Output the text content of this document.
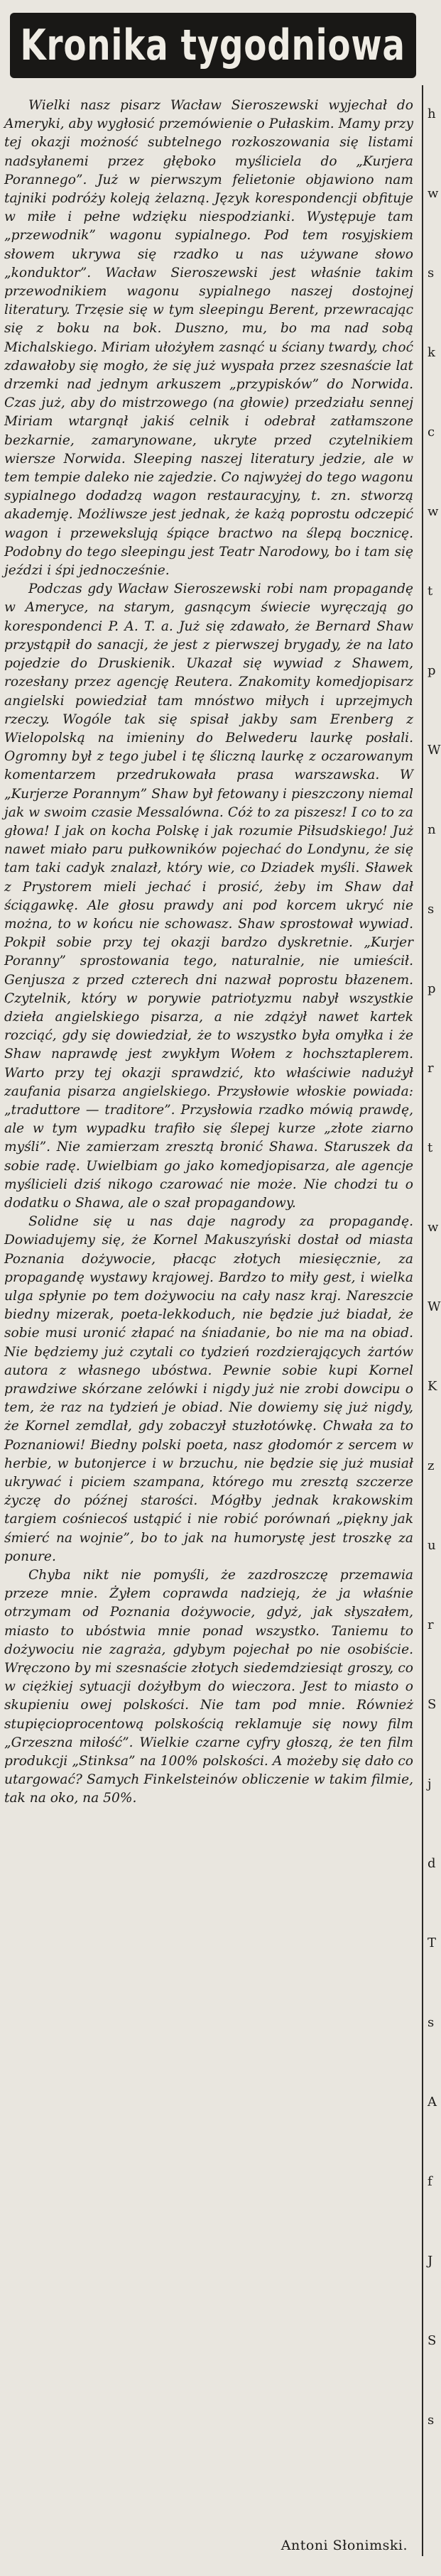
Kronika tygodniowa

Wielki nasz pisarz Wacław Sieroszewski wyjechał do Ameryki, aby wygłosić przemówienie o Pułaskim. Mamy przy tej okazji możność subtelnego rozkoszowania się listami nadsyłanemi przez głęboko myśliciela do „Kurjera Porannego”. Już w pierwszym felietonie objawiono nam tajniki podróży koleją żelazną. Język korespondencji obfituje w miłe i pełne wdzięku niespodzianki. Występuje tam „przewodnik” wagonu sypialnego. Pod tem rosyjskiem słowem ukrywa się rzadko u nas używane słowo „konduktor”. Wacław Sieroszewski jest właśnie takim przewodnikiem wagonu sypialnego naszej dostojnej literatury. Trzęsie się w tym sleepingu Berent, przewracając się z boku na bok. Duszno, mu, bo ma nad sobą Michalskiego. Miriam ułożyłem zasnąć u ściany twardy, choć zdawałoby się mogło, że się już wyspała przez szesnaście lat drzemki nad jednym arkuszem „przypisków” do Norwida. Czas już, aby do mistrzowego (na głowie) przedziału sennej Miriam wtargnął jakiś celnik i odebrał zatłamszone bezkarnie, zamarynowane, ukryte przed czytelnikiem wiersze Norwida. Sleeping naszej literatury jedzie, ale w tem tempie daleko nie zajedzie. Co najwyżej do tego wagonu sypialnego dodadzą wagon restauracyjny, t. zn. stworzą akademję. Możliwsze jest jednak, że każą poprostu odczepić wagon i przewekslują śpiące bractwo na ślepą boczniсę. Podobny do tego sleepingu jest Teatr Narodowy, bo i tam się jeździ i śpi jednocześnie.

Podczas gdy Wacław Sieroszewski robi nam propagandę w Ameryce, na starym, gasnącym świecie wyręczają go korespondenci P. A. T. a. Już się zdawało, że Bernard Shaw przystąpił do sanacji, że jest z pierwszej brygady, że na lato pojedzie do Druskienik. Ukazał się wywiad z Shawem, rozesłany przez agencję Reutera. Znakomity komedjopisarz angielski powiedział tam mnóstwo miłych i uprzejmych rzeczy. Wogóle tak się spisał jakby sam Erenberg z Wielopolską na imieniny do Belwederu laurkę posłali. Ogromny był z tego jubel i tę śliczną laurkę z oczarowanym komentarzem przedrukowała prasa warszawska. W „Kurjerze Porannym” Shaw był fetowany i pieszczony niemal jak w swoim czasie Messalówna. Cóż to za piszesz! I co to za głowa! I jak on kocha Polskę i jak rozumie Piłsudskiego! Już nawet miało paru pułkowników pojechać do Londynu, że się tam taki cadyk znalazł, który wie, co Dziadek myśli. Sławek z Prystorem mieli jechać i prosić, żeby im Shaw dał ściągawkę. Ale głosu prawdy ani pod korcem ukryć nie można, to w końcu nie schowasz. Shaw sprostował wywiad. Pokpił sobie przy tej okazji bardzo dyskretnie. „Kurjer Poranny” sprostowania tego, naturalnie, nie umieścił. Genjusza z przed czterech dni nazwał poprostu błazenem. Czytelnik, który w porywie patriotyzmu nabył wszystkie dzieła angielskiego pisarza, a nie zdążył nawet kartek rozciąć, gdy się dowiedział, że to wszystko była omyłka i że Shaw naprawdę jest zwykłym Wołem z hochsztaplerem. Warto przy tej okazji sprawdzić, kto właściwie nadużył zaufania pisarza angielskiego. Przysłowie włoskie powiada: „traduttore — traditore”. Przysłowia rzadko mówią prawdę, ale w tym wypadku trafiło się ślepej kurze „złote ziarno myśli”. Nie zamierzam zresztą bronić Shawa. Staruszek da sobie radę. Uwielbiam go jako komedjopisarza, ale agencje myślicieli dziś nikogo czarować nie może. Nie chodzi tu o dodatku o Shawa, ale o szał propagandowy.

Solidne się u nas daje nagrody za propagandę. Dowiadujemy się, że Kornel Makuszyński dostał od miasta Poznania dożywocie, płacąc złotych miesięcznie, za propagandę wystawy krajowej. Bardzo to miły gest, i wielka ulga spłynie po tem dożywociu na cały nasz kraj. Nareszcie biedny mizerak, poeta-lekkoduch, nie będzie już biadał, że sobie musi uronić złapać na śniadanie, bo nie ma na obiad. Nie będziemy już czytali co tydzień rozdzierających żartów autora z własnego ubóstwa. Pewnie sobie kupi Kornel prawdziwe skórzane zelówki i nigdy już nie zrobi dowcipu o tem, że raz na tydzień je obiad. Nie dowiemy się już nigdy, że Kornel zemdlał, gdy zobaczył stuzłotówkę. Chwała za to Poznaniowi! Biedny polski poeta, nasz głodomór z sercem w herbie, w butonjerce i w brzuchu, nie będzie się już musiał ukrywać i piciem szampana, którego mu zresztą szczerze życzę do późnej starości. Mógłby jednak krakowskim targiem cośniecoś ustąpić i nie robić porównań „piękny jak śmierć na wojnie”, bo to jak na humorystę jest troszkę za ponure.

Chyba nikt nie pomyśli, że zazdroszczę przemawia przeze mnie. Żyłem coprawda nadzieją, że ja właśnie otrzymam od Poznania dożywocie, gdyż, jak słyszałem, miasto to ubóstwia mnie ponad wszystko. Taniemu to dożywociu nie zagraża, gdybym pojechał po nie osobiście. Wręczono by mi szesnaście złotych siedemdziesiąt groszy, co w ciężkiej sytuacji dożyłbym do wieczora. Jest to miasto o skupieniu owej polskości. Nie tam pod mnie. Również stupięcioprocentową polskością reklamuje się nowy film „Grzeszna miłość”. Wielkie czarne cyfry głoszą, że ten film produkcji „Stinksa” na 100% polskości. A możeby się dało co utargować? Samych Finkelsteinów obliczenie w takim filmie, tak na oko, na 50%.

Antoni Słonimski.
h
w
s
k
c
w
t
p
W
n
s
p
r
t
w
W
K
z
u
r
S
j
d
T
s
A
f
J
S
s
